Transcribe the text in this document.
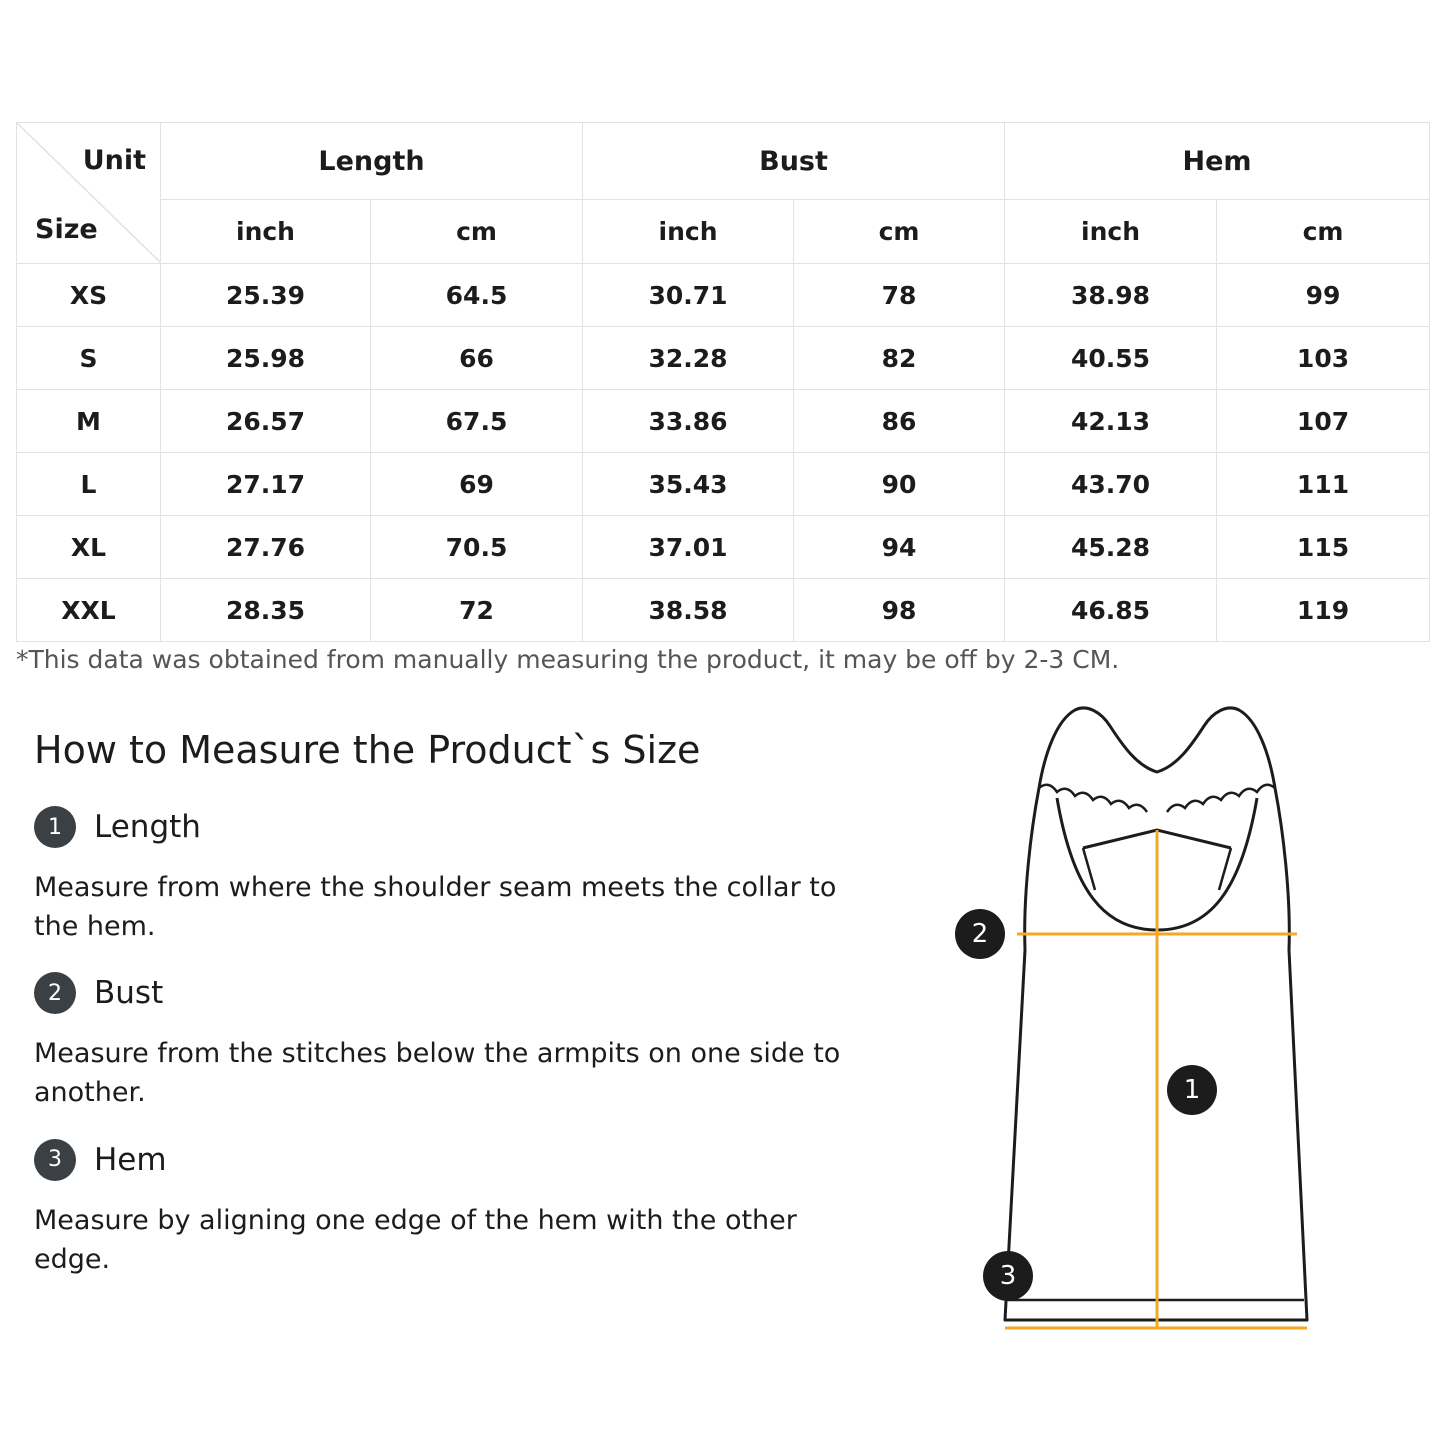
Unit
Size	Length		Bust		Hem	
	inch	cm	inch	cm	inch	cm
XS	25.39	64.5	30.71	78	38.98	99
S	25.98	66	32.28	82	40.55	103
M	26.57	67.5	33.86	86	42.13	107
L	27.17	69	35.43	90	43.70	111
XL	27.76	70.5	37.01	94	45.28	115
XXL	28.35	72	38.58	98	46.85	119
*This data was obtained from manually measuring the product, it may be off by 2-3 CM.
How to Measure the Product`s Size
1	Length
Measure from where the shoulder seam meets the collar to the hem.
2	Bust
Measure from the stitches below the armpits on one side to another.
3	Hem
Measure by aligning one edge of the hem with the other edge.
1
2
3
